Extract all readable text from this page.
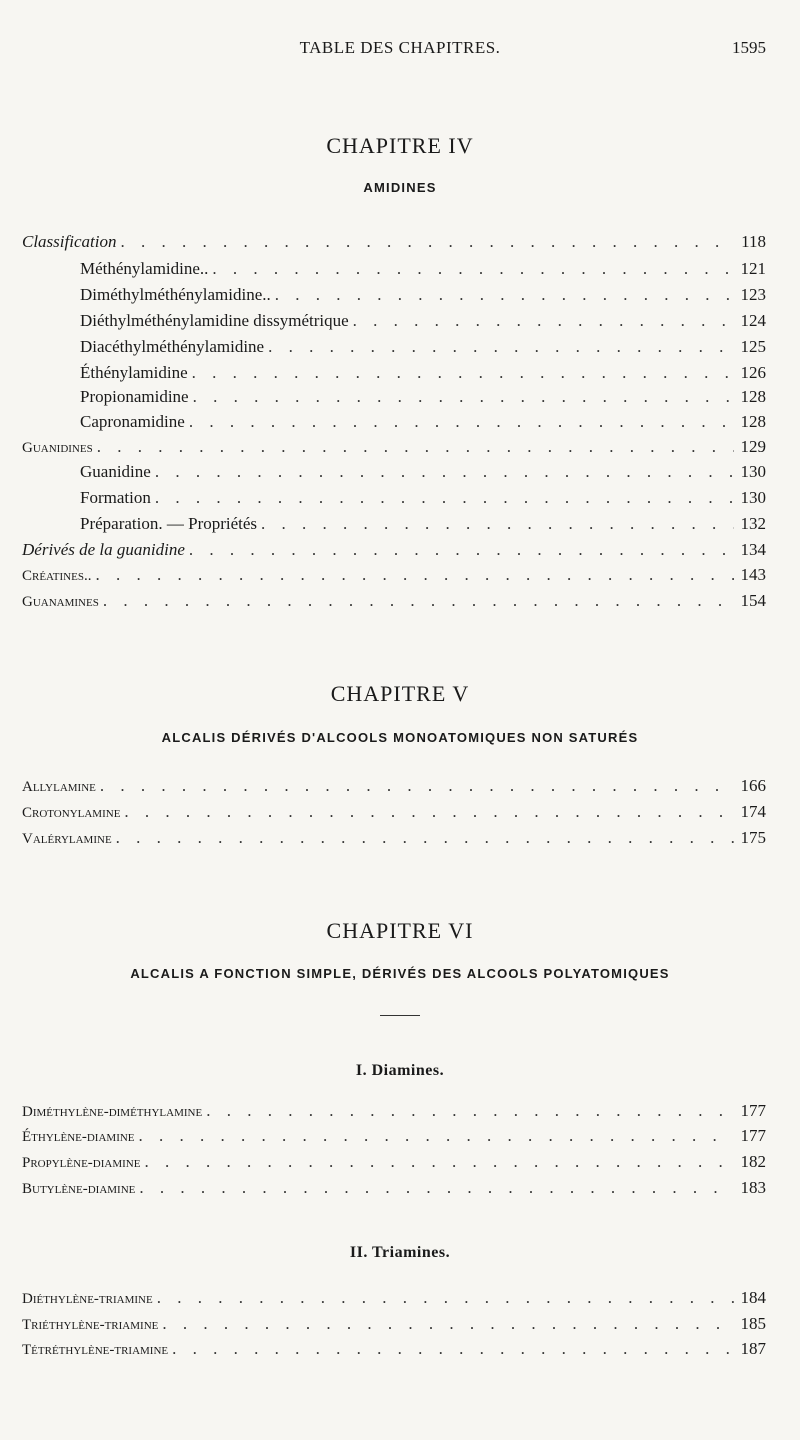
TABLE DES CHAPITRES.	1595
CHAPITRE IV
AMIDINES
Classification . . .	118
Méthénylamidine.. . . .	121
Diméthylméthénylamidine.. . . .	123
Diéthylméthénylamidine dissymétrique . . .	124
Diacéthylméthénylamidine . . .	125
Éthénylamidine . . .	126
Propionamidine . . .	128
Capronamidine . . .	128
Guanidines . . .	129
Guanidine . . .	130
Formation . . .	130
Préparation. — Propriétés . . .	132
Dérivés de la guanidine . . .	134
Créatines.. . . .	143
Guanamines . . .	154
CHAPITRE V
ALCALIS DÉRIVÉS D'ALCOOLS MONOATOMIQUES NON SATURÉS
Allylamine . . .	166
Crotonylamine . . .	174
Valérylamine . . .	175
CHAPITRE VI
ALCALIS A FONCTION SIMPLE, DÉRIVÉS DES ALCOOLS POLYATOMIQUES
I. Diamines.
Diméthylène-diméthylamine . . .	177
Éthylène-diamine . . .	177
Propylène-diamine . . .	182
Butylène-diamine . . .	183
II. Triamines.
Diéthylène-triamine . . .	184
Triéthylène-triamine . . .	185
Tétréthylène-triamine . . .	187
